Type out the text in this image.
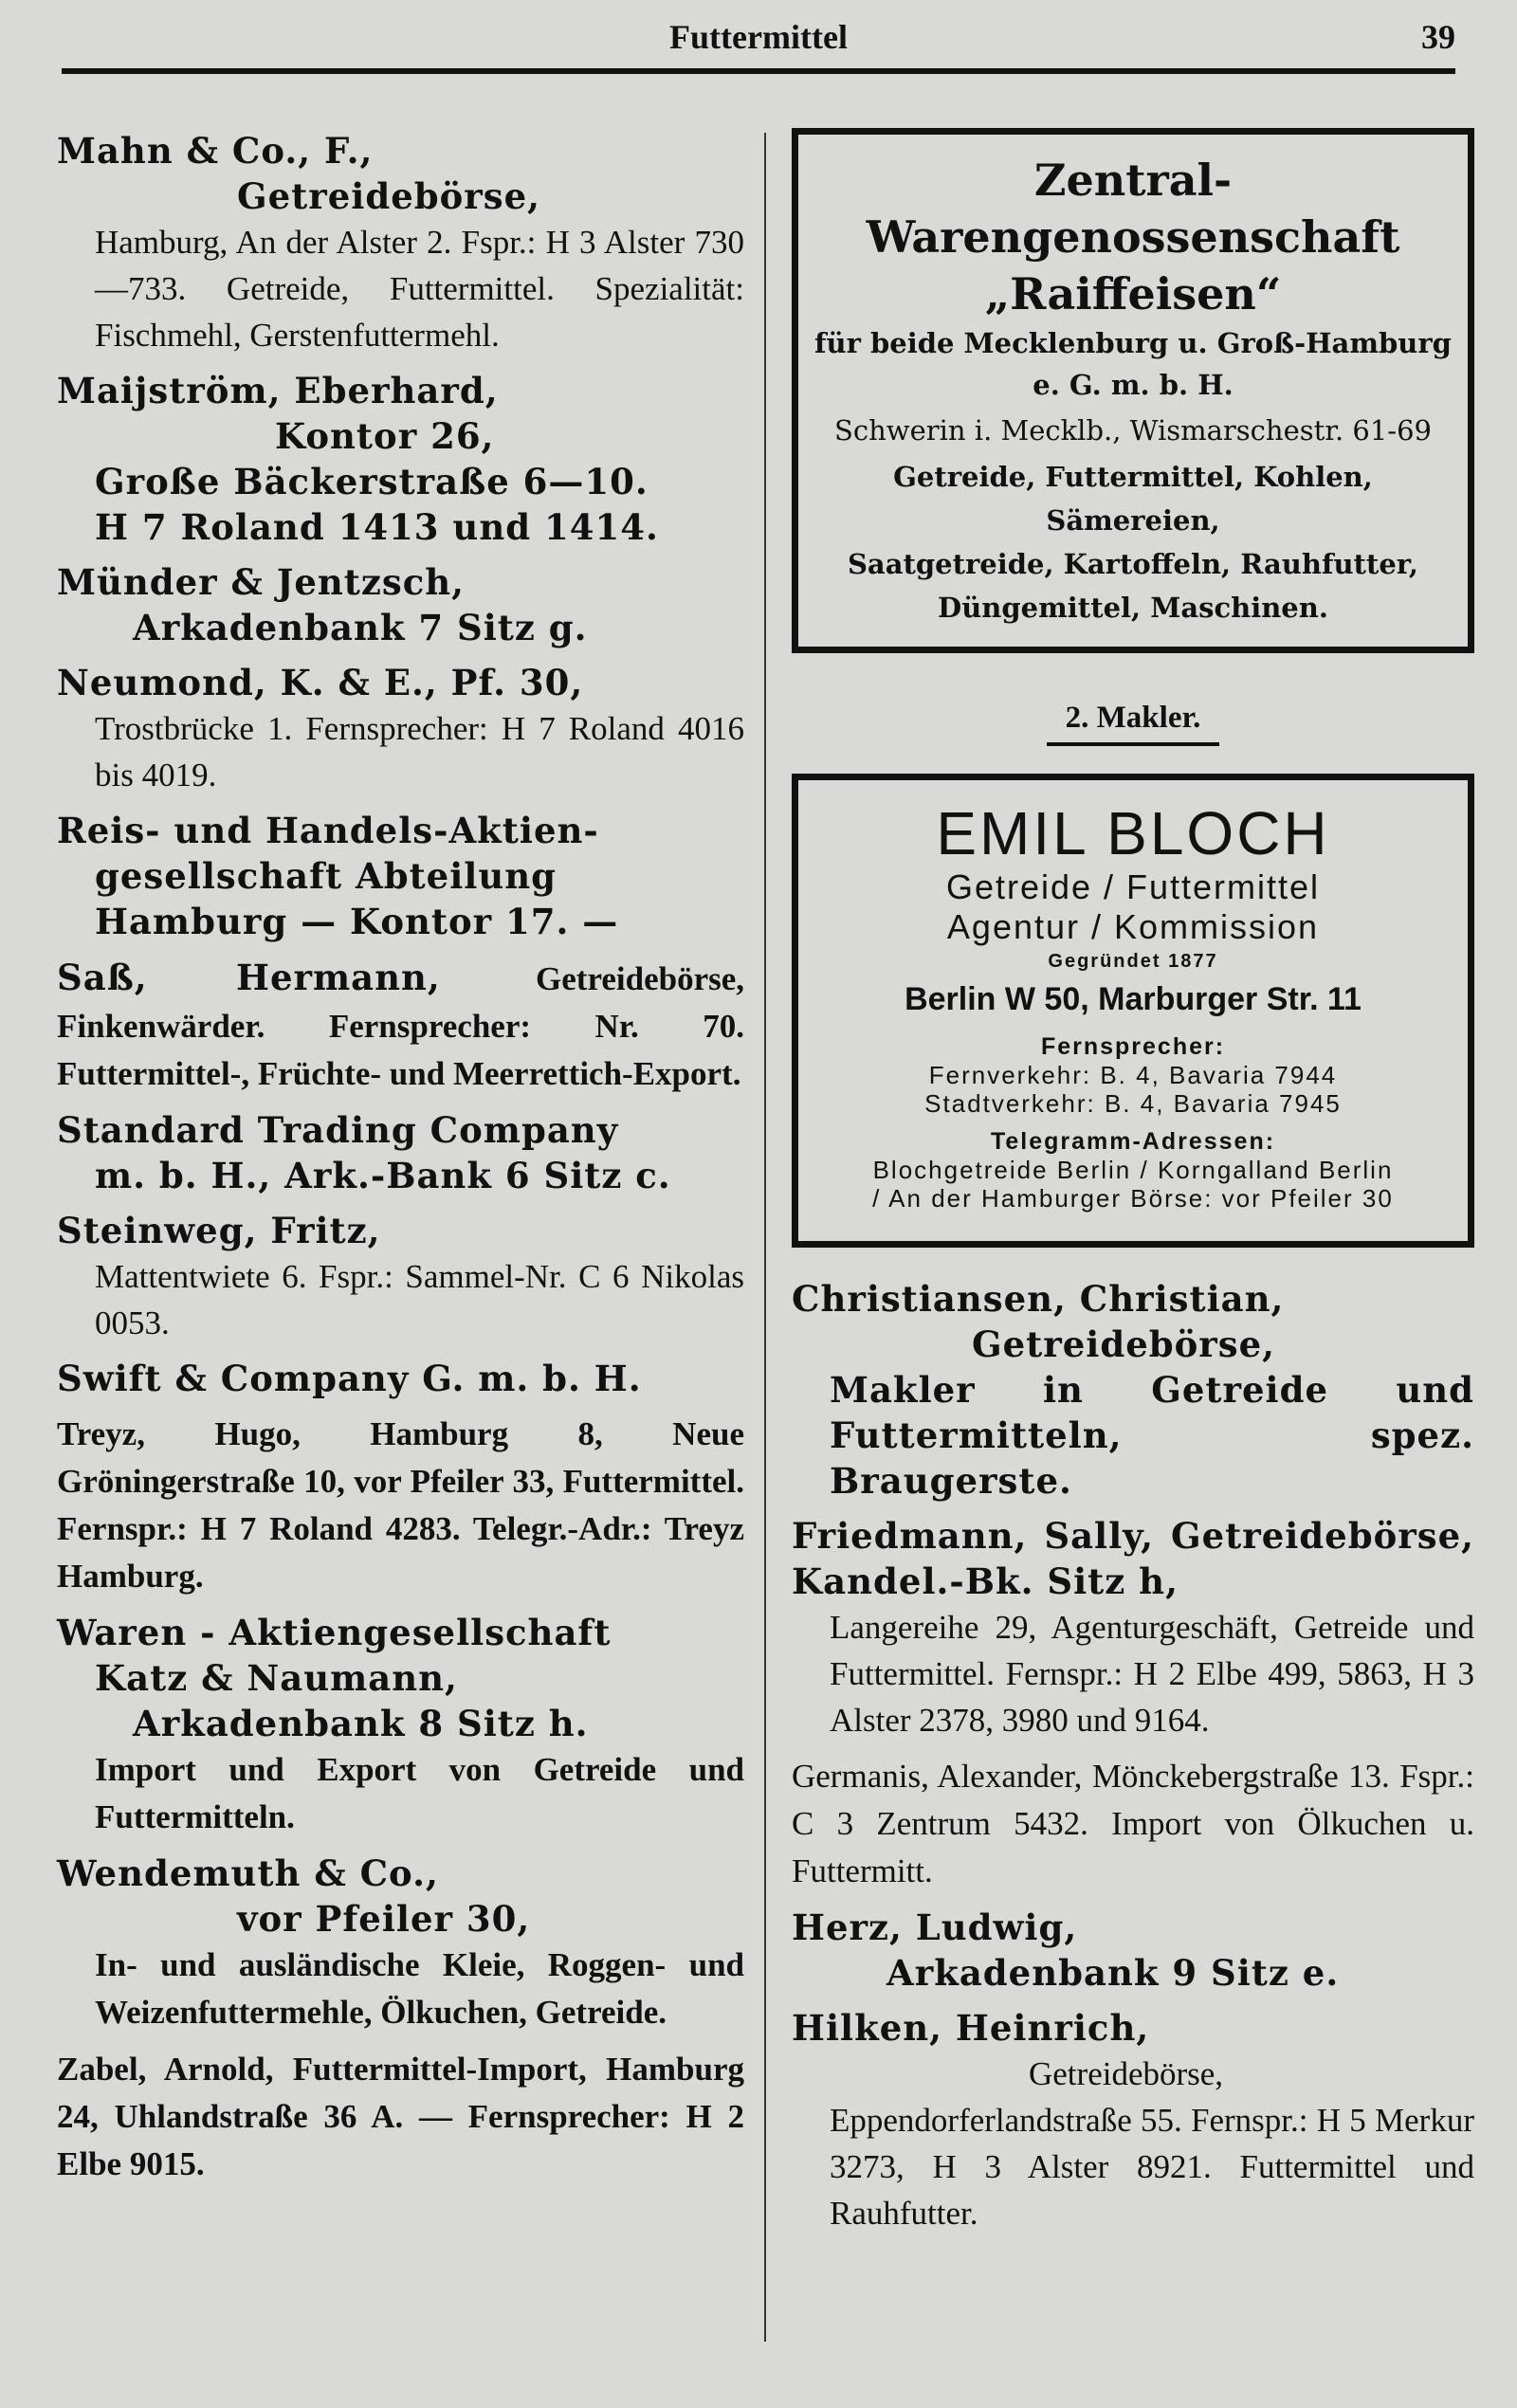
Futtermittel	39
Mahn & Co., F.,
Getreidebörse,
Hamburg, An der Alster 2. Fspr.: H 3 Alster 730—733. Getreide, Futtermittel. Spezialität: Fischmehl, Gerstenfuttermehl.
Maijström, Eberhard,
Kontor 26,
Große Bäckerstraße 6—10.
H 7 Roland 1413 und 1414.
Münder & Jentzsch,
Arkadenbank 7 Sitz g.
Neumond, K. & E., Pf. 30,
Trostbrücke 1. Fernsprecher: H 7 Roland 4016 bis 4019.
Reis- und Handels-Aktien-
gesellschaft Abteilung
Hamburg — Kontor 17. —
Saß, Hermann,	Getreidebörse, Finkenwärder. Fernsprecher: Nr. 70. Futtermittel-, Früchte- und Meerrettich-Export.
Standard Trading Company
m. b. H., Ark.-Bank 6 Sitz c.
Steinweg, Fritz,
Mattentwiete 6. Fspr.: Sammel-Nr. C 6 Nikolas 0053.
Swift & Company G. m. b. H.
Treyz, Hugo, Hamburg 8, Neue Gröningerstraße 10, vor Pfeiler 33, Futtermittel. Fernspr.: H 7 Roland 4283. Telegr.-Adr.: Treyz Hamburg.
Waren - Aktiengesellschaft
Katz & Naumann,
Arkadenbank 8 Sitz h.
Import und Export von Getreide und Futtermitteln.
Wendemuth & Co.,
vor Pfeiler 30,
In- und ausländische Kleie, Roggen- und Weizenfuttermehle, Ölkuchen, Getreide.
Zabel, Arnold, Futtermittel-Import, Hamburg 24, Uhlandstraße 36 A. — Fernsprecher: H 2 Elbe 9015.
Zentral-Warengenossenschaft
„Raiffeisen“
für beide Mecklenburg u. Groß-Hamburg
e. G. m. b. H.
Schwerin i. Mecklb., Wismarschestr. 61-69
Getreide, Futtermittel, Kohlen, Sämereien,
Saatgetreide, Kartoffeln, Rauhfutter,
Düngemittel, Maschinen.
2. Makler.
EMIL BLOCH
Getreide / Futtermittel
Agentur / Kommission
Gegründet 1877
Berlin W 50, Marburger Str. 11
Fernsprecher:
Fernverkehr: B. 4, Bavaria 7944
Stadtverkehr: B. 4, Bavaria 7945
Telegramm-Adressen:
Blochgetreide Berlin / Korngalland Berlin / An der Hamburger Börse: vor Pfeiler 30
Christiansen, Christian,
Getreidebörse,
Makler in Getreide und Futtermitteln, spez. Braugerste.
Friedmann, Sally, Getreidebörse, Kandel.-Bk. Sitz h,
Langereihe 29, Agenturgeschäft, Getreide und Futtermittel. Fernspr.: H 2 Elbe 499, 5863, H 3 Alster 2378, 3980 und 9164.
Germanis, Alexander, Mönckebergstraße 13. Fspr.: C 3 Zentrum 5432. Import von Ölkuchen u. Futtermitt.
Herz, Ludwig,
Arkadenbank 9 Sitz e.
Hilken, Heinrich,
Getreidebörse,
Eppendorferlandstraße 55. Fernspr.: H 5 Merkur 3273, H 3 Alster 8921. Futtermittel und Rauhfutter.
